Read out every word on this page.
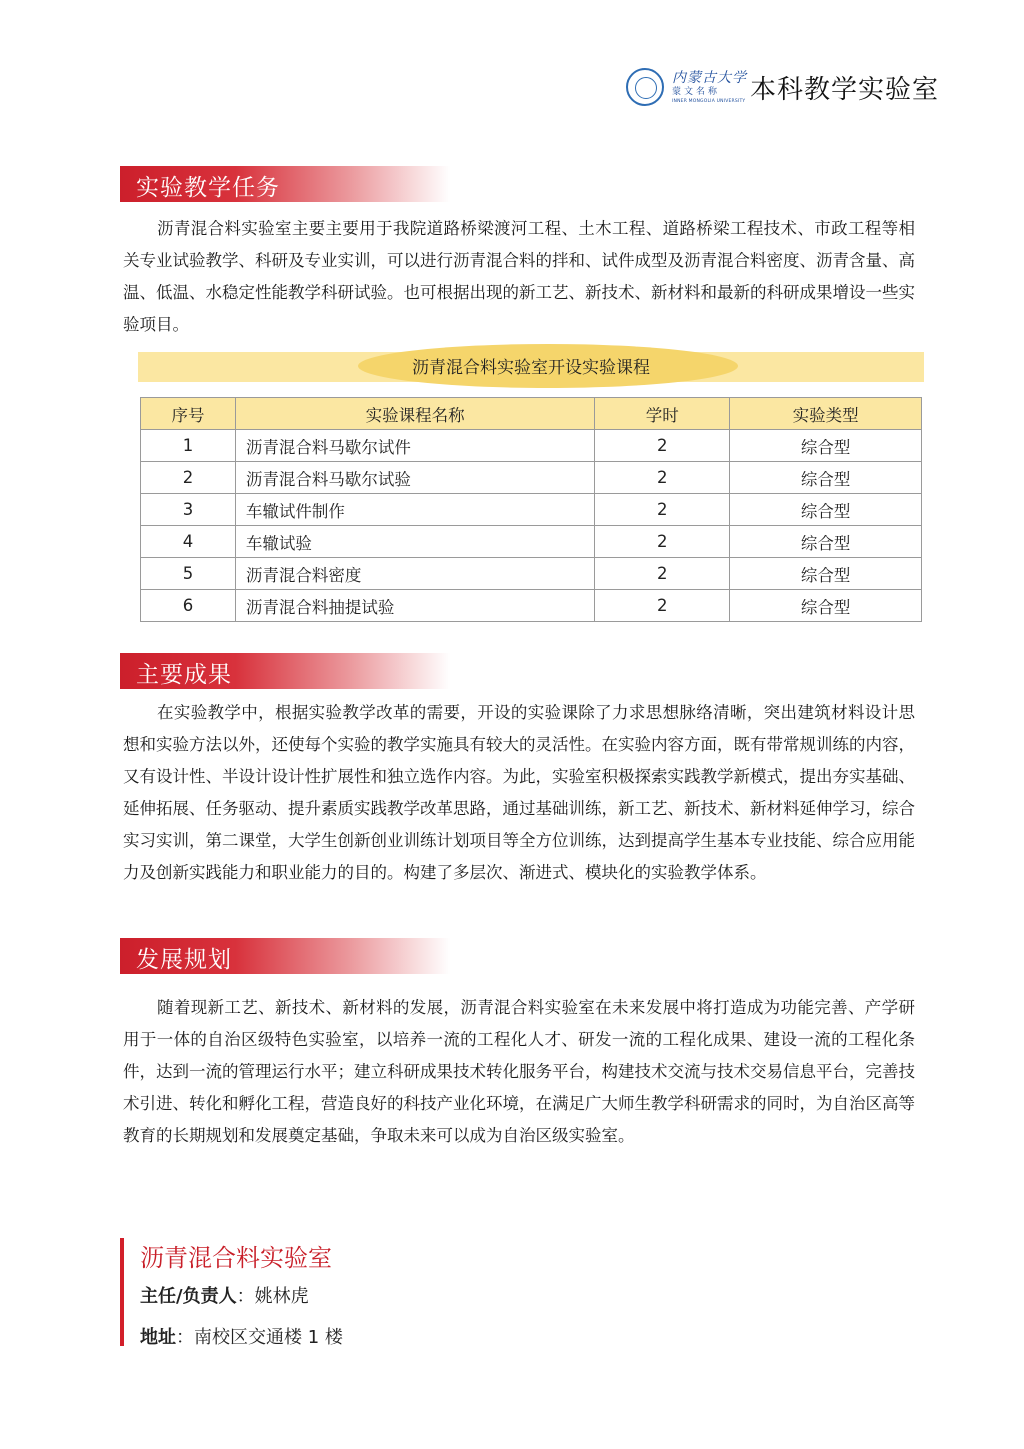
内蒙古大学
蒙文名称
INNER MONGOLIA UNIVERSITY 本科教学实验室
实验教学任务

沥青混合料实验室主要主要用于我院道路桥梁渡河工程、土木工程、道路桥梁工程技术、市政工程等相关专业试验教学、科研及专业实训，可以进行沥青混合料的拌和、试件成型及沥青混合料密度、沥青含量、高温、低温、水稳定性能教学科研试验。也可根据出现的新工艺、新技术、新材料和最新的科研成果增设一些实验项目。

沥青混合料实验室开设实验课程
序号	实验课程名称	学时	实验类型
1	沥青混合料马歇尔试件	2	综合型
2	沥青混合料马歇尔试验	2	综合型
3	车辙试件制作	2	综合型
4	车辙试验	2	综合型
5	沥青混合料密度	2	综合型
6	沥青混合料抽提试验	2	综合型
主要成果

在实验教学中，根据实验教学改革的需要，开设的实验课除了力求思想脉络清晰，突出建筑材料设计思想和实验方法以外，还使每个实验的教学实施具有较大的灵活性。在实验内容方面，既有带常规训练的内容，又有设计性、半设计设计性扩展性和独立选作内容。为此，实验室积极探索实践教学新模式，提出夯实基础、延伸拓展、任务驱动、提升素质实践教学改革思路，通过基础训练，新工艺、新技术、新材料延伸学习，综合实习实训，第二课堂，大学生创新创业训练计划项目等全方位训练，达到提高学生基本专业技能、综合应用能力及创新实践能力和职业能力的目的。构建了多层次、渐进式、模块化的实验教学体系。

发展规划

随着现新工艺、新技术、新材料的发展，沥青混合料实验室在未来发展中将打造成为功能完善、产学研用于一体的自治区级特色实验室，以培养一流的工程化人才、研发一流的工程化成果、建设一流的工程化条件，达到一流的管理运行水平；建立科研成果技术转化服务平台，构建技术交流与技术交易信息平台，完善技术引进、转化和孵化工程，营造良好的科技产业化环境，在满足广大师生教学科研需求的同时，为自治区高等教育的长期规划和发展奠定基础，争取未来可以成为自治区级实验室。

沥青混合料实验室
主任/负责人：姚林虎
地址：南校区交通楼 1 楼
